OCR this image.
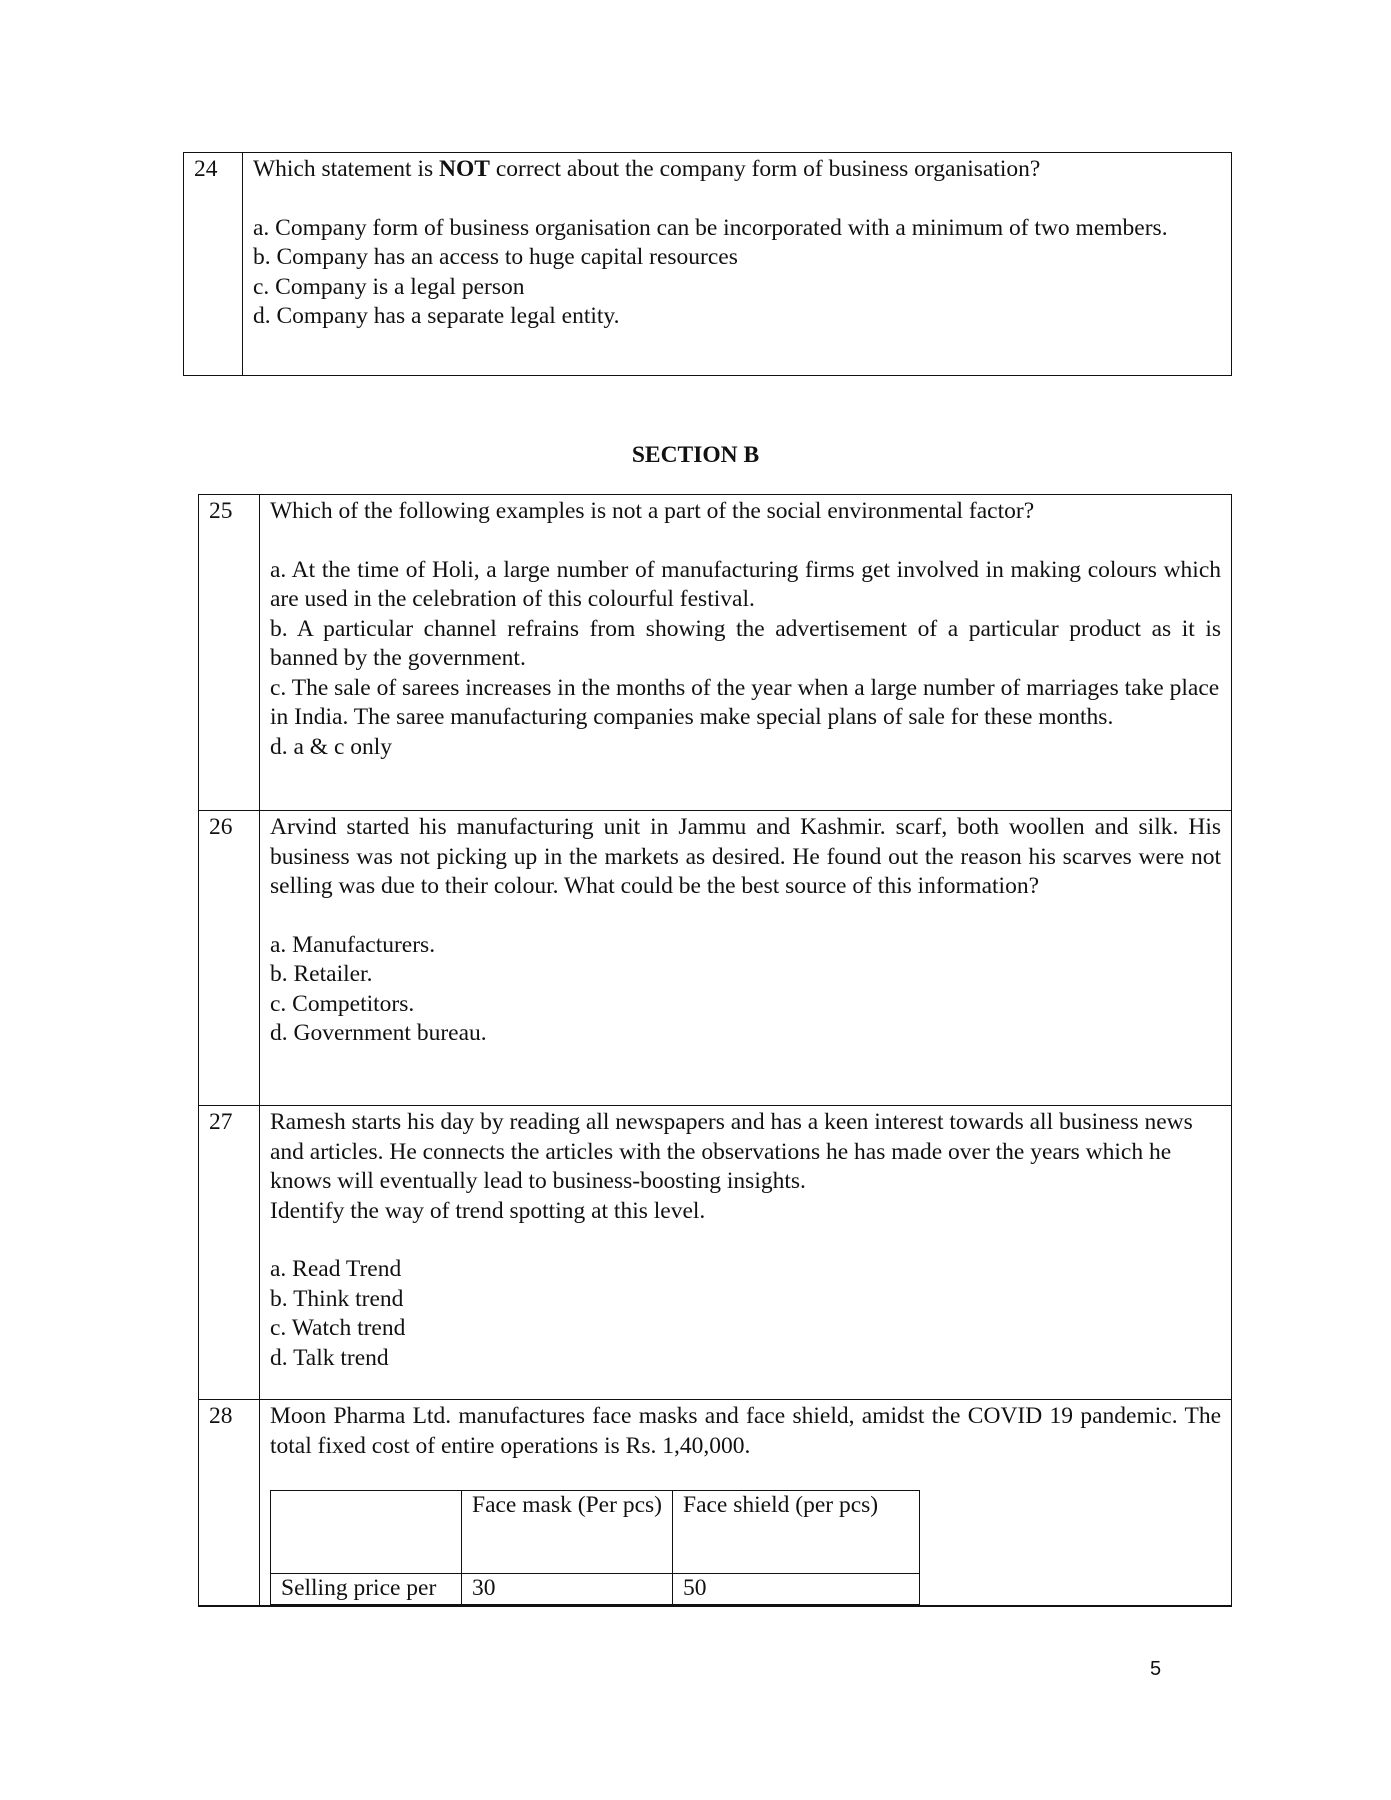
24	Which statement is NOT correct about the company form of business organisation?
a. Company form of business organisation can be incorporated with a minimum of two members.
b. Company has an access to huge capital resources
c. Company is a legal person
d. Company has a separate legal entity.
SECTION B
25	Which of the following examples is not a part of the social environmental factor?
a. At the time of Holi, a large number of manufacturing firms get involved in making colours which are used in the celebration of this colourful festival.
b. A particular channel refrains from showing the advertisement of a particular product as it is banned by the government.
c. The sale of sarees increases in the months of the year when a large number of marriages take place in India. The saree manufacturing companies make special plans of sale for these months.
d. a & c only

26	Arvind started his manufacturing unit in Jammu and Kashmir. scarf, both woollen and silk. His business was not picking up in the markets as desired. He found out the reason his scarves were not selling was due to their colour. What could be the best source of this information?
a. Manufacturers.
b. Retailer.
c. Competitors.
d. Government bureau.

27	Ramesh starts his day by reading all newspapers and has a keen interest towards all business news and articles. He connects the articles with the observations he has made over the years which he knows will eventually lead to business-boosting insights.
Identify the way of trend spotting at this level.
a. Read Trend
b. Think trend
c. Watch trend
d. Talk trend

28	Moon Pharma Ltd. manufactures face masks and face shield, amidst the COVID 19 pandemic. The total fixed cost of entire operations is Rs. 1,40,000.
	Face mask (Per pcs)	Face shield (per pcs)
Selling price per	30	50
5
